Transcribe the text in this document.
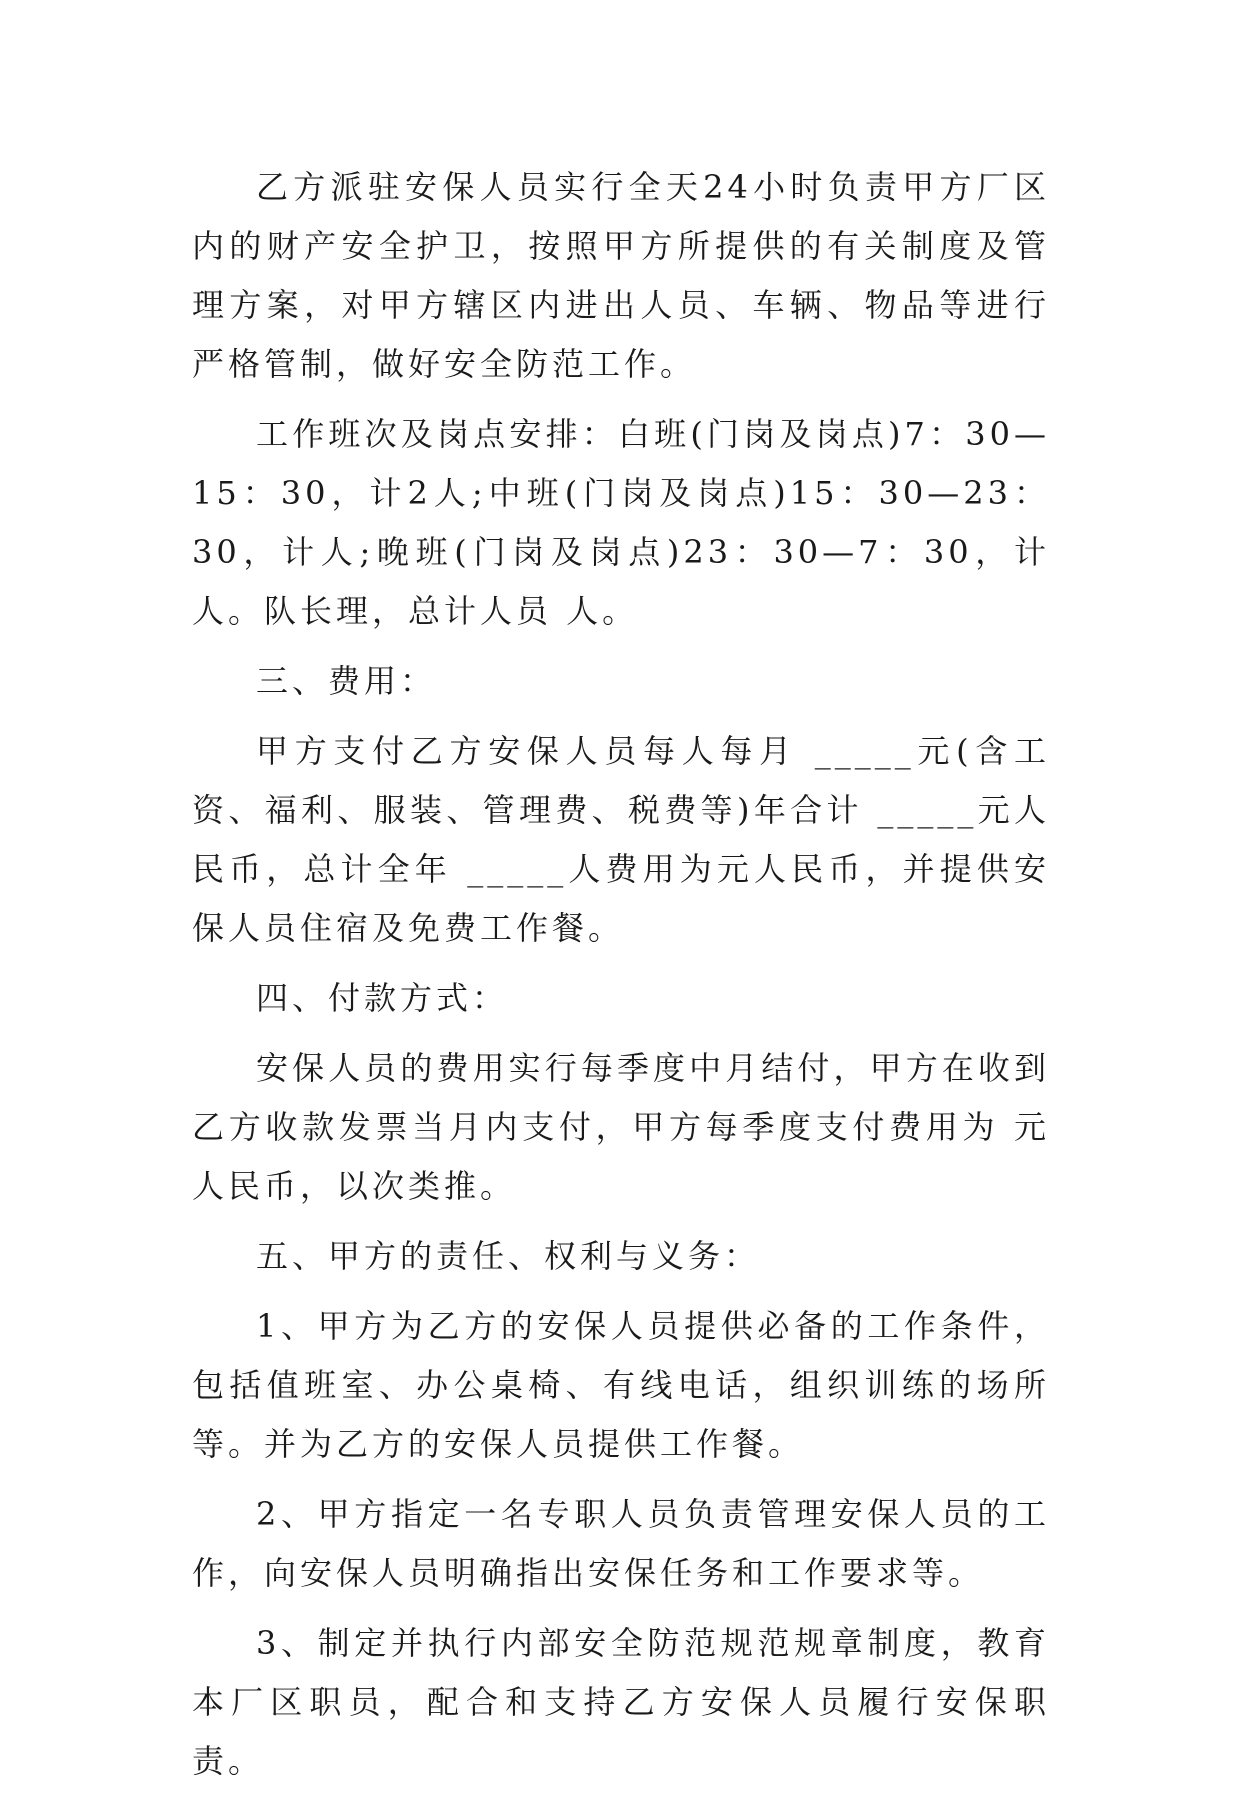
乙方派驻安保人员实行全天24小时负责甲方厂区内的财产安全护卫，按照甲方所提供的有关制度及管理方案，对甲方辖区内进出人员、车辆、物品等进行严格管制，做好安全防范工作。

工作班次及岗点安排：白班(门岗及岗点)7：30—15：30，计2人;中班(门岗及岗点)15：30—23：30，计人;晚班(门岗及岗点)23：30—7：30，计人。队长理，总计人员 人。

三、费用：

甲方支付乙方安保人员每人每月 _____元(含工资、福利、服装、管理费、税费等)年合计 _____元人民币，总计全年 _____人费用为元人民币，并提供安保人员住宿及免费工作餐。

四、付款方式：

安保人员的费用实行每季度中月结付，甲方在收到乙方收款发票当月内支付，甲方每季度支付费用为 元人民币，以次类推。

五、甲方的责任、权利与义务：

1、甲方为乙方的安保人员提供必备的工作条件，包括值班室、办公桌椅、有线电话，组织训练的场所等。并为乙方的安保人员提供工作餐。

2、甲方指定一名专职人员负责管理安保人员的工作，向安保人员明确指出安保任务和工作要求等。

3、制定并执行内部安全防范规范规章制度，教育本厂区职员，配合和支持乙方安保人员履行安保职责。
